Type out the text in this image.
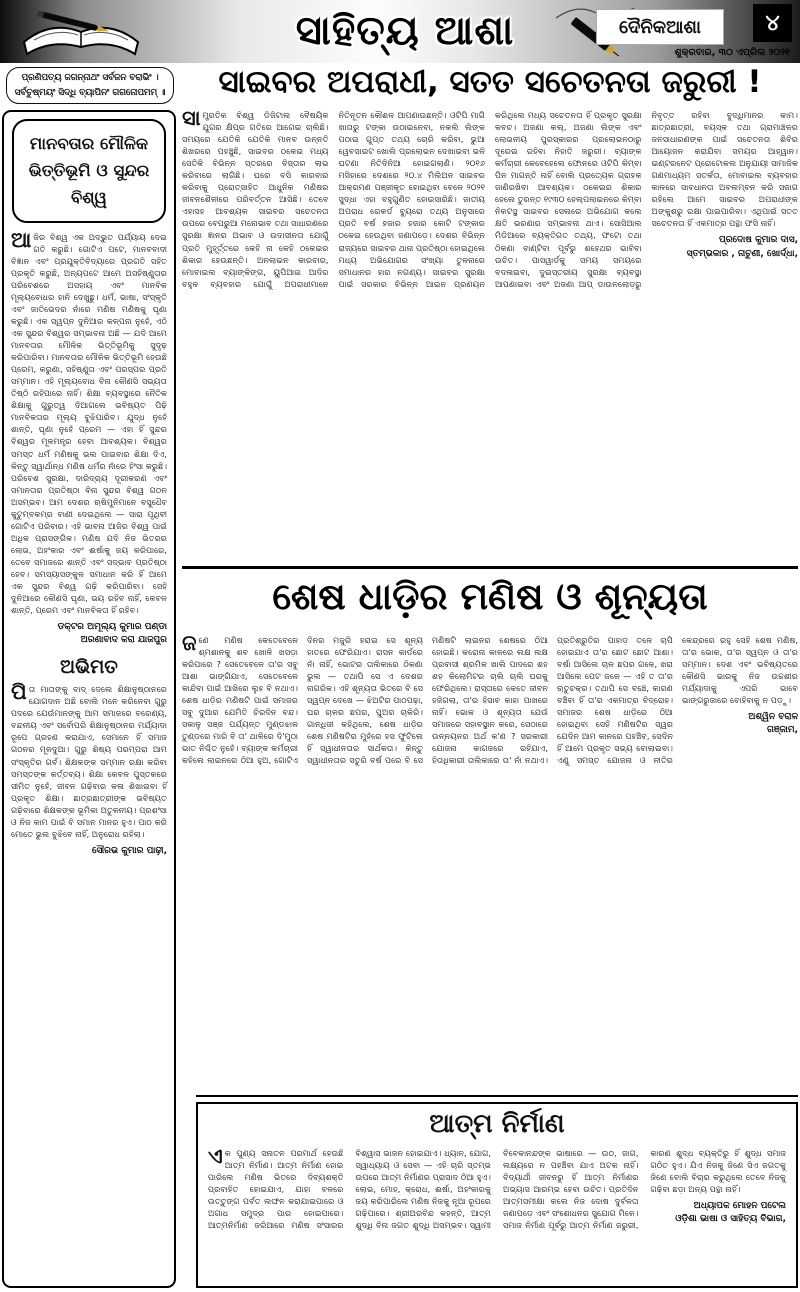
ସାହିତ୍ୟ ଆଶା	ଦୈନିକଆଶା	୪
ଶୁକ୍ରବାର, ୩୦ ଏପ୍ରିଲ ୨୦୨୧
ପ୍ରଣିପତ୍ୟ ଜଗନ୍ନାଥଂ ସର୍ବଜନ ବରାଭିଂ ।
ସର୍ବଚୁଷ୍ମୟଂ ସିଦ୍ଧି ବ୍ୟାପିନଂ ଗଗନୋପମମ୍ ॥	ସାଇବର ଅପରାଧୀ, ସତତ ସଚେତନତା ଜରୁରୀ !
ମାନବତାର ମୌଳିକ
ଭିତ୍ତିଭୂମି ଓ ସୁନ୍ଦର ବିଶ୍ୱ
ଆଜିର ବିଶ୍ୱ ଏକ ଅଦ୍ଭୁତ ପର୍ଯ୍ୟାୟ ଦେଇ ଗତି କରୁଛି। ଗୋଟିଏ ପଟେ, ମାନବବାଦୀ ବିଜ୍ଞାନ ଏବଂ ପ୍ରଯୁକ୍ତିବିଦ୍ୟାରେ ପ୍ରଗତି ସହିତ ପ୍ରକୃତି କରୁଛି, ଅନ୍ୟପଟେ ଆମେ ଅସହିଷ୍ଣୁତାର ପରିବେଶରେ ଅସହାୟ ଏବଂ ମାନବିକ ମୂଲ୍ୟବୋଧର ହାନି ଦେଖୁଛୁ। ଧର୍ମ, ଭାଷା, ସଂସ୍କୃତି ଏବଂ ଜାତିଭେଦର ନାଁରେ ମଣିଷ ମଣିଷକୁ ଘୃଣା କରୁଛି। ଏକ ସ୍ୱପ୍ନ ଦୁନିଆର କଳ୍ପନା ନୁହେଁ, ଏଠି ଏକ ସୁନ୍ଦର ବିଶ୍ୱର ସମ୍ଭାବନା ଅଛି — ଯଦି ଆମେ ମାନବତାର ମୌଳିକ ଭିତ୍ତିଭୂମିକୁ ସୁଦୃଢ଼ କରିପାରିବା। ମାନବତାର ମୌଳିକ ଭିତ୍ତିଭୂମି ହେଉଛି ପ୍ରେମ, କରୁଣା, ସହିଷ୍ଣୁତା ଏବଂ ପରସ୍ପର ପ୍ରତି ସମ୍ମାନ। ଏହି ମୂଲ୍ୟବୋଧ ବିନା କୌଣସି ସଭ୍ୟତା ତିଷ୍ଠି ରହିପାରେ ନାହିଁ। ଶିକ୍ଷା ବ୍ୟବସ୍ଥାରେ ନୈତିକ ଶିକ୍ଷାକୁ ଗୁରୁତ୍ୱ ଦିଆଗଲେ ଭବିଷ୍ୟତ ପିଢ଼ି ମାନବିକତାର ମୂଲ୍ୟ ବୁଝିପାରିବ। ଯୁଦ୍ଧ ନୁହେଁ ଶାନ୍ତି, ଘୃଣା ନୁହେଁ ପ୍ରେମ — ଏହା ହିଁ ସୁନ୍ଦର ବିଶ୍ୱର ମୂଳମନ୍ତ୍ର ହେବା ଆବଶ୍ୟକ। ବିଶ୍ୱର ସମସ୍ତ ଧର୍ମ ମଣିଷକୁ ଭଲ ପାଇବାର ଶିକ୍ଷା ଦିଏ, କିନ୍ତୁ ସ୍ୱାର୍ଥାନ୍ଧ ମଣିଷ ଧର୍ମର ନାଁରେ ହିଂସା କରୁଛି। ପରିବେଶ ସୁରକ୍ଷା, ଦାରିଦ୍ର୍ୟ ଦୂରୀକରଣ ଏବଂ ସମାନତାର ପ୍ରତିଷ୍ଠା ବିନା ସୁନ୍ଦର ବିଶ୍ୱ ଗଠନ ଅସମ୍ଭବ। ଆମ ଦେଶର ଋଷିମୁନିମାନେ ବସୁଧୈବ କୁଟୁମ୍ବକମ୍‌ର ବାଣୀ ଦେଇଥିଲେ — ସାରା ପୃଥିବୀ ଗୋଟିଏ ପରିବାର। ଏହି ଭାବନା ଆଜିର ବିଶ୍ୱ ପାଇଁ ଅଧିକ ପ୍ରାସଙ୍ଗିକ। ମଣିଷ ଯଦି ନିଜ ଭିତରର ଲୋଭ, ଅହଂକାର ଏବଂ ଈର୍ଷାକୁ ଜୟ କରିପାରେ, ତେବେ ସମାଜରେ ଶାନ୍ତି ଏବଂ ସଦ୍ଭାବ ପ୍ରତିଷ୍ଠା ହେବ। ସମସ୍ୟାସଙ୍କୁଳ ସମାଧାନ କରି ହିଁ ଆମେ ଏକ ସୁନ୍ଦର ବିଶ୍ୱ ଗଢ଼ି କରିପାରିବା। ସେହି ଦୁନିଆରେ କୌଣସି ଘୃଣା, ଭୟ ରହିବ ନାହିଁ, କେବଳ ଶାନ୍ତି, ପ୍ରେମ ଏବଂ ମାନବିକତା ହିଁ ରହିବ।
ଡକ୍ଟର ଅମୂଲ୍ୟ କୁମାର ପଣ୍ଡା
ଅରଣାବାଦ କରା ଯାଜପୁର
ଅଭିମତ
ପିତା ମାତାଙ୍କୁ ବାଦ୍ ଦେଲେ ଶିକ୍ଷାନୁଷ୍ଠାନରେ ଯୋଗଦାନ ଅଛି ବୋଲି ମନେ କରିନେବା ଗୁରୁ ପଦରେ ଯେଉଁମାନଙ୍କୁ ଆମ ସମାଜରେ ବରେଣ୍ୟ, ବନ୍ଦନୀୟ ଏବଂ ସର୍ବୋପରି ଶିକ୍ଷାନୁଷ୍ଠାନର ମର୍ଯ୍ୟାଦା ରୂପେ ଗ୍ରହଣ କରାଯାଏ, ସେମାନେ ହିଁ ସମାଜ ଗଠନର ମୂଳଦୁଆ। ଗୁରୁ ଶିଷ୍ୟ ପରମ୍ପରା ଆମ ସଂସ୍କୃତିର ଗର୍ବ। ଶିକ୍ଷକଙ୍କ ସମ୍ମାନ ରକ୍ଷା କରିବା ସମସ୍ତଙ୍କ କର୍ତ୍ତବ୍ୟ। ଶିକ୍ଷା କେବଳ ପୁସ୍ତକରେ ସୀମିତ ନୁହେଁ, ଜୀବନ ଗଢ଼ିବାର କଳା ଶିଖାଇବା ହିଁ ପ୍ରକୃତ ଶିକ୍ଷା। ଛାତ୍ରଛାତ୍ରୀଙ୍କ ଭବିଷ୍ୟତ ଗଢ଼ିବାରେ ଶିକ୍ଷକଙ୍କ ଭୂମିକା ଅତୁଳନୀୟ। ପ୍ରଶଂସା ଓ ନିଜ କାମ ପାଇଁ ବି ସମାନ ମାନର ହୁଏ। ପାଠ କରି ମୋତେ ଭୁଲ ବୁଝିବେ ନାହିଁ, ଅନୁରୋଧ ରହିଲା।
ସୌରଭ କୁମାର ପାଢ଼ୀ,
ସାମ୍ପ୍ରତିକ ବିଶ୍ୱ ଡିଜିଟାଲ ବୈଷୟିକ ଯୁଗର କ୍ଷିପ୍ର ଗତିରେ ଆଗେଇ ଚାଲିଛି। ସମୟରେ ଯେତିକି ଯେତିକି ମାନବ ଉନ୍ନତି ଶିଖରରେ ପହଞ୍ଚୁଛି, ସାଇବର ଠକେଇ ମଧ୍ୟ ସେତିକି ବିଭିନ୍ନ ସ୍ତରରେ ବିସ୍ତାର ଲାଭ କରିବାରେ ଲାଗିଛି। ଘରେ ବସି କାରବାର କରିବାକୁ ପ୍ରୋତ୍ସାହିତ ଆଧୁନିକ ମଣିଷର ଜୀବନଶୈଳୀରେ ପରିବର୍ତ୍ତନ ଆସିଛି। ତେବେ ଏହାସହ ଆବଶ୍ୟକ ସାଇବର ସଚେତନତା ଉପରେ ବେପରୁଆ ମନୋଭାବ ତଥା ସାଧାରଣରେ ସୁରକ୍ଷା ଜ୍ଞାନର ଅଭାବ ଓ ଉଦାସୀନତା ଯୋଗୁଁ ପ୍ରତି ମୁହୂର୍ତ୍ତରେ କେହି ନା କେହି ଠକେଇର ଶିକାର ହେଉଛନ୍ତି। ଅନଲାଇନ କାରବାର, ମୋବାଇଲ ବ୍ୟାଙ୍କିଙ୍ଗ, ୟୁପିଆଇ ଆଦିର ବହୁଳ ବ୍ୟବହାର ଯୋଗୁଁ ଅପରାଧୀମାନେ ନିତିନୂତନ କୌଶଳ ଆପଣାଉଛନ୍ତି। ଓଟିପି ମାଗି ଖାତାରୁ ଟଙ୍କା ଉଠାଇନେବା, ନକଲି ଲିଙ୍କ ପଠାଇ ଗୁପ୍ତ ତଥ୍ୟ ଚୋରି କରିବା, ଭୁଆ ୱେବସାଇଟ ଖୋଲି ପ୍ରଲୋଭନ ଦେଖାଇବା ଭଳି ଘଟଣା ନିତିଦିନିଆ ହୋଇଗଲାଣି। ୨୦୧୬ ମସିହାରେ ଦେଶରେ ୨୦.୪ ମିଲିଅନ ସାଇବର ଆକ୍ରମଣ ପଞ୍ଜୀକୃତ ହୋଇଥିବା ବେଳେ ୨୦୨୧ ସୁଦ୍ଧା ଏହା ବହୁଗୁଣିତ ହୋଇସାରିଛି। ଜାତୀୟ ଅପରାଧ ରେକର୍ଡ ବ୍ୟୁରୋ ତଥ୍ୟ ଅନୁସାରେ ପ୍ରତି ବର୍ଷ ହଜାର ହଜାର କୋଟି ଟଙ୍କାର ଠକେଇ ହେଉଥିବା ଜଣାପଡ଼େ। ଦେଶର ବିଭିନ୍ନ ରାଜ୍ୟରେ ସାଇବର ଥାନା ପ୍ରତିଷ୍ଠା ହୋଇଥିଲେ ମଧ୍ୟ ଅଭିଯୋଗର ସଂଖ୍ୟା ତୁଳନାରେ ସମାଧାନର ହାର ନଗଣ୍ୟ। ସାଇବର ସୁରକ୍ଷା ପାଇଁ ସରକାର ବିଭିନ୍ନ ଆଇନ ପ୍ରଣୟନ କରିଥିଲେ ମଧ୍ୟ ସଚେତନତା ହିଁ ପ୍ରକୃତ ସୁରକ୍ଷା କବଚ। ଅଜଣା କଲ୍, ଅଜଣା ଲିଙ୍କ ଏବଂ ଲୋଭନୀୟ ପୁରସ୍କାରର ପ୍ରଲୋଭନଠାରୁ ଦୂରେଇ ରହିବା ନିହାତି ଜରୁରୀ। ବ୍ୟାଙ୍କ କର୍ମଚାରୀ କେବେହେଲେ ଫୋନରେ ଓଟିପି କିମ୍ବା ପିନ ମାଗନ୍ତି ନାହିଁ ବୋଲି ପ୍ରତ୍ୟେକ ଗ୍ରାହକ ଜାଣିରଖିବା ଆବଶ୍ୟକ। ଠକେଇର ଶିକାର ହେଲେ ତୁରନ୍ତ ୧୯୩୦ ହେଲ୍ପଲାଇନରେ କିମ୍ବା ନିକଟସ୍ଥ ସାଇବର ସେଲରେ ଅଭିଯୋଗ କଲେ କ୍ଷତି ଭରଣାର ସମ୍ଭାବନା ଥାଏ। ସୋସିଆଲ ମିଡିଆରେ ବ୍ୟକ୍ତିଗତ ତଥ୍ୟ, ଫଟୋ ତଥା ଠିକଣା ବାଣ୍ଟିବା ପୂର୍ବରୁ ଶହେଥର ଭାବିବା ଉଚିତ। ପାସୱାର୍ଡକୁ ସମୟ ସମୟରେ ବଦଳାଇବା, ଦୁଇସ୍ତରୀୟ ସୁରକ୍ଷା ବ୍ୟବସ୍ଥା ଆପଣାଇବା ଏବଂ ଅଜଣା ଆପ୍ ଡାଉନଲୋଡ଼ରୁ ନିବୃତ୍ତ ରହିବା ବୁଦ୍ଧିମାନର କାମ। ଛାତ୍ରଛାତ୍ରୀ, ବୟସ୍କ ତଥା ଗ୍ରାମାଞ୍ଚଳର ଜନସାଧାରଣଙ୍କ ପାଇଁ ସଚେତନତା ଶିବିର ଆୟୋଜନ କରାଯିବା ସମୟର ଆହ୍ୱାନ। ଇଣ୍ଟରନେଟ ପ୍ରୋଟୋକଲ ଅନୁଯାୟୀ ସାମାଜିକ ଗଣମାଧ୍ୟମ ସତର୍କତା, ମୋବାଇଲ ବ୍ୟବହାର କାଳରେ ସାବଧାନତା ଅବଲମ୍ବନ କରି ସଜାଗ ରହିଲେ ଆମେ ସାଇବର ଅପରାଧୀଙ୍କ ଅଙ୍କୁଶରୁ ରକ୍ଷା ପାଇପାରିବା। ଏଥିପାଇଁ ସତତ ସଚେତନତା ହିଁ ଏକମାତ୍ର ପନ୍ଥା ଫସି ନାହିଁ।
ପ୍ରଦୋଷ କୁମାର ଦାସ,
ସ୍ତମ୍ଭକାର , ନାଚୁଣୀ, ଖୋର୍ଦ୍ଧା,
ଶେଷ ଧାଡ଼ିର ମଣିଷ ଓ ଶୂନ୍ୟତା
ଜଣେ ମଣିଷ କେତେବେଳେ ଶ୍ମଶାନକୁ ଶବ ଖୋଳି ଖସଡ଼ା କରିପାରେ ? ସେତେବେଳେ ତା'ର ସବୁ ଆଶା ଭାଙ୍ଗିଯାଏ, ସେତେବେଳେ କାନ୍ଦିବା ପାଇଁ ଆଖିରେ ଲୁହ ବି ନଥାଏ। ଶେଷ ଧାଡ଼ିର ମଣିଷଟି ପାଇଁ ସମାଜର ସବୁ ଦୁଆର ଯେମିତି ଚିରଦିନ ବନ୍ଦ। ସକାଳୁ ସଞ୍ଜ ପର୍ଯ୍ୟନ୍ତ ମୁଣ୍ଡଝାଳ ତୁଣ୍ଡରେ ମାରି ବି ତା' ଥାଳିରେ ଦି'ମୁଠା ଭାତ ନିଶ୍ଚିତ ନୁହେଁ। ବ୍ୟାଙ୍କ କର୍ମଚାରୀ କହିଲେ ଲାଇନରେ ଠିଆ ହୁଅ, ଗୋଟିଏ ଦିନର ମଜୁରି ହରାଇ ସେ ଶୂନ୍ୟ ହାତରେ ଫେରିଯାଏ। ରାସନ କାର୍ଡରେ ନାଁ ନାହିଁ, ଭୋଟର ତାଲିକାରେ ଠିକଣା ଭୁଲ — ତଥାପି ସେ ଏ ଦେଶର ନାଗରିକ। ଏହି ଶୂନ୍ୟତା ଭିତରେ ବି ସେ ସ୍ୱପ୍ନ ଦେଖେ — ଝିଅଟିର ପାଠପଢ଼ା, ଘର ଚାଳର ଛପର, ପୁଅର ଚାକିରି। ଗାନ୍ଧିଜୀ କହିଥିଲେ, ଶେଷ ଧାଡ଼ିର ଶେଷ ମଣିଷଟିର ମୁହଁରେ ହସ ଫୁଟିଲେ ହିଁ ସ୍ୱାଧୀନତାର ସାର୍ଥକତା। କିନ୍ତୁ ସ୍ୱାଧୀନତାର ସତୁରି ବର୍ଷ ପରେ ବି ସେ ମଣିଷଟି ଲାଇନର ଶେଷରେ ଠିଆ ହୋଇଛି। କରୋନା କାଳରେ ଲକ୍ଷ ଲକ୍ଷ ପ୍ରବାସୀ ଶ୍ରମିକ ଖାଲି ପାଦରେ ଶହ ଶହ କିଲୋମିଟର ଚାଲି ଚାଲି ଘରକୁ ଫେରିଥିଲେ। ରାସ୍ତାରେ କେତେ ଜୀବନ ହଜିଗଲା, ତା'ର ହିସାବ କାହା ପାଖରେ ନାହିଁ। ଭୋକ ଓ ଶୂନ୍ୟତା ଯେଉଁ ସମାଜରେ ସହାବସ୍ଥାନ କରେ, ସେଠାରେ ଉନ୍ନୟନର ଅର୍ଥ କ'ଣ ? ସରକାରୀ ଯୋଜନା କାଗଜରେ ରହିଯାଏ, ହିତାଧିକାରୀ ତାଲିକାରେ ତା' ନାଁ ନଥାଏ। ପ୍ରତିଶ୍ରୁତିର ପାହାଡ଼ ତଳେ ଚାପି ହୋଇଯାଏ ତା'ର ଛୋଟ ଛୋଟ ଆଶା। ବର୍ଷା ଆସିଲେ ଚାଳ ଛପର ଗଳେ, ଖରା ଆସିଲେ ପେଟ ଜଳେ — ଏହି ତ ତା'ର ଋତୁଚକ୍ର। ତଥାପି ସେ ବଞ୍ଚେ, କାରଣ ବଞ୍ଚିବା ହିଁ ତା'ର ଏକମାତ୍ର ବିଦ୍ରୋହ। ସମାଜର ଶେଷ ଧାଡ଼ିରେ ଠିଆ ହୋଇଥିବା ସେହି ମଣିଷଟିର ସ୍ୱର ଯେଦିନ ଆମ କାନରେ ପହଞ୍ଚିବ, ସେଦିନ ହିଁ ଆମେ ପ୍ରକୃତ ସଭ୍ୟ ବୋଲାଇବା। ଏଣୁ ସମସ୍ତ ଯୋଜନା ଓ ନୀତିର କେନ୍ଦ୍ରରେ ରହୁ ସେହି ଶେଷ ମଣିଷ, ତା'ର ଭୋକ, ତା'ର ସ୍ୱପ୍ନ ଓ ତା'ର ସମ୍ମାନ। ଦେଶ ଏବଂ ଭବିଷ୍ୟତରେ କୌଣସି ଭାରକୁ ନିଜ ଉଚ୍ଚଶୀର ମର୍ଯ୍ୟାଦାକୁ ଏପରି ଭାବେ ଭାଙ୍ଗରୁଜାରେ ବୋହିବାକୁ ନ ପଡ଼ୁ।
ଅଶ୍ୱିନ ବରାଳ
ଗଞ୍ଜାମ,
ଆତ୍ମ ନିର୍ମାଣ
ଏକ ପୁଣ୍ୟ ସନାତନ ପରମାର୍ଥ ହେଉଛି ଆତ୍ମ ନିର୍ମାଣ। ଆତ୍ମ ନିର୍ମାଣ ହୋଇ ପାରିଲେ ମଣିଷ ଭିତରେ ଦିବ୍ୟଶକ୍ତି ପ୍ରବାହିତ ହୋଇଯାଏ, ଯାହା ବଳରେ ଉତ୍ତୁଙ୍ଗ ପର୍ବତ ଲଙ୍ଘନ କରାଯାଇପାରେ ଓ ଅଗାଧ ସମୁଦ୍ର ପାର ହୋଇପାରେ। ଆତ୍ମନିର୍ମାଣ ଜରିଆରେ ମଣିଷ ସଂସାରର ବିଶ୍ୱାସ ଭାଜନ ହୋଇଯାଏ। ଧ୍ୟାନ, ଯୋଗ, ସ୍ୱାଧ୍ୟାୟ ଓ ସେବା — ଏହି ଚାରି ସ୍ତମ୍ଭ ଉପରେ ଆତ୍ମ ନିର୍ମାଣର ପ୍ରାସାଦ ଠିଆ ହୁଏ। ଲୋଭ, ମୋହ, କ୍ରୋଧ, ଈର୍ଷା, ଅହଂକାରକୁ ଜୟ କରିପାରିଲେ ମଣିଷ ନିଜକୁ ନୂଆ ରୂପରେ ଗଢ଼ିପାରେ। ଶ୍ରୀଅରବିନ୍ଦ କହନ୍ତି, ଆତ୍ମ ଶୁଦ୍ଧି ବିନା ଜଗତ ଶୁଦ୍ଧି ଅସମ୍ଭବ। ସ୍ୱାମୀ ବିବେକାନନ୍ଦଙ୍କ ଭାଷାରେ — ଉଠ, ଜାଗ, ଲକ୍ଷ୍ୟରେ ନ ପହଞ୍ଚିବା ଯାଏ ଅଟକ ନାହିଁ। ବିଦ୍ୟାର୍ଥୀ ଜୀବନରୁ ହିଁ ଆତ୍ମ ନିର୍ମାଣର ଅଭ୍ୟାସ ଆରମ୍ଭ ହେବା ଉଚିତ। ପ୍ରତିଦିନ ଆତ୍ମସମୀକ୍ଷା କଲେ ନିଜ ଦୋଷ ଦୁର୍ବଳତା ଜଣାପଡ଼େ ଏବଂ ସଂଶୋଧନର ସୁଯୋଗ ମିଳେ। ସମାଜ ନିର୍ମାଣ ପୂର୍ବରୁ ଆତ୍ମ ନିର୍ମାଣ ଜରୁରୀ, କାରଣ ଶୁଦ୍ଧ ବ୍ୟକ୍ତିରୁ ହିଁ ଶୁଦ୍ଧ ସମାଜ ଗଠିତ ହୁଏ। ଯିଏ ନିଜକୁ ଜିଣେ ସିଏ ଜଗତକୁ ଜିଣେ ବୋଲି ବିଚାର କରୁଥିଲେ ତେବେ ନିଜକୁ ଗଢ଼ିବା ଛଡ଼ା ଅନ୍ୟ ପନ୍ଥା ନାହିଁ।
ଅଧ୍ୟାପକ ମୋହନ ପଟେଲ
ଓଡ଼ିଶା ଭାଷା ଓ ସାହିତ୍ୟ ବିଭାଗ,
